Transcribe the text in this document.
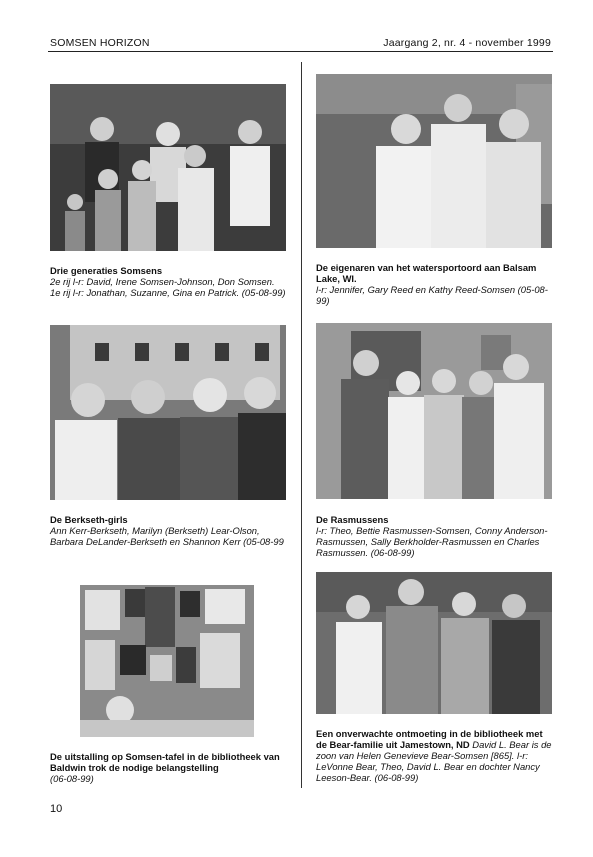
SOMSEN HORIZON	Jaargang 2, nr. 4 - november 1999
Drie generaties Somsens
2e rij l-r: David, Irene Somsen-Johnson, Don Somsen. 1e rij l-r: Jonathan, Suzanne, Gina en Patrick. (05-08-99)
De eigenaren van het watersportoord aan Balsam Lake, WI.
l-r: Jennifer, Gary Reed en Kathy Reed-Somsen (05-08-99)
De Berkseth-girls
Ann Kerr-Berkseth, Marilyn (Berkseth) Lear-Olson, Barbara DeLander-Berkseth en Shannon Kerr (05-08-99
De Rasmussens
l-r: Theo, Bettie Rasmussen-Somsen, Conny Anderson-Rasmussen, Sally Berkholder-Rasmussen en Charles Rasmussen. (06-08-99)
De uitstalling op Somsen-tafel in de bibliotheek van Baldwin trok de nodige belangstelling
(06-08-99)
Een onverwachte ontmoeting in de bibliotheek met de Bear-familie uit Jamestown, ND David L. Bear is de zoon van Helen Genevieve Bear-Somsen [865]. l-r: LeVonne Bear, Theo, David L. Bear en dochter Nancy Leeson-Bear. (06-08-99)
10
